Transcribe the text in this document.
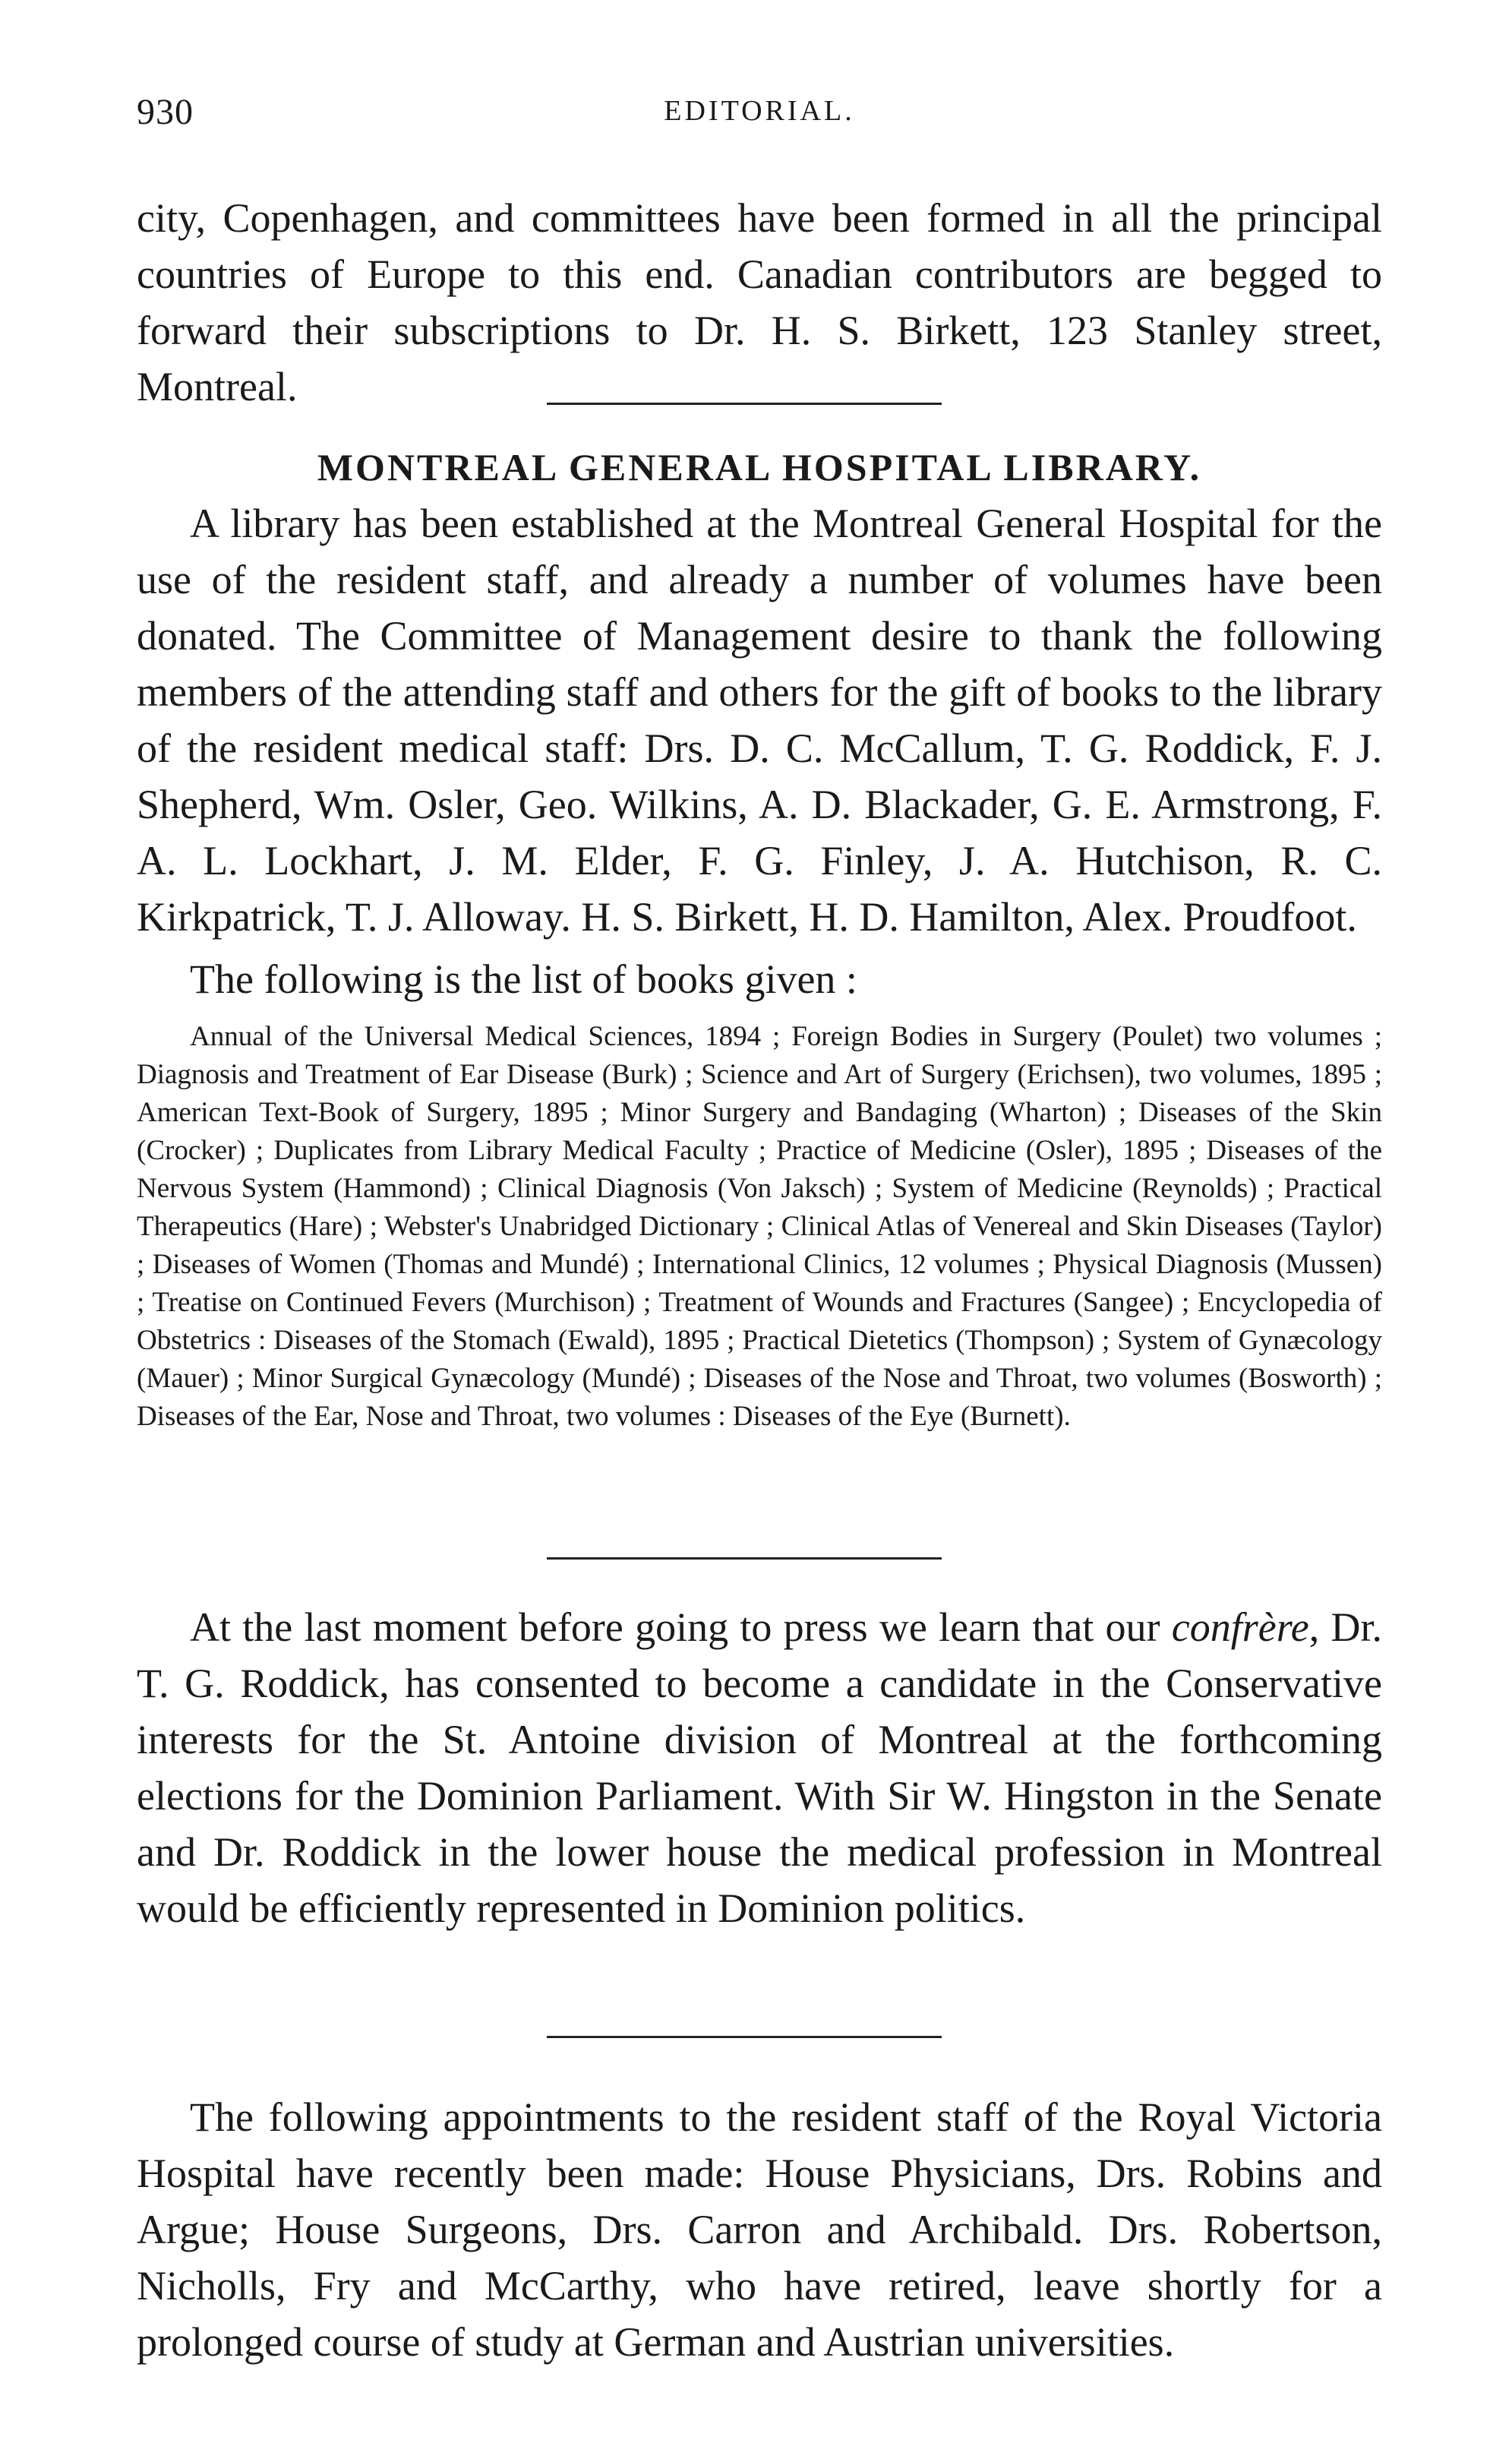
930	EDITORIAL.

city, Copenhagen, and committees have been formed in all the principal countries of Europe to this end. Canadian contributors are begged to forward their subscriptions to Dr. H. S. Birkett, 123 Stanley street, Montreal.

MONTREAL GENERAL HOSPITAL LIBRARY.

A library has been established at the Montreal General Hospital for the use of the resident staff, and already a number of volumes have been donated. The Committee of Management desire to thank the following members of the attending staff and others for the gift of books to the library of the resident medical staff: Drs. D. C. McCallum, T. G. Roddick, F. J. Shepherd, Wm. Osler, Geo. Wilkins, A. D. Blackader, G. E. Armstrong, F. A. L. Lockhart, J. M. Elder, F. G. Finley, J. A. Hutchison, R. C. Kirkpatrick, T. J. Alloway. H. S. Birkett, H. D. Hamilton, Alex. Proudfoot.

The following is the list of books given :

Annual of the Universal Medical Sciences, 1894 ; Foreign Bodies in Surgery (Poulet) two volumes ; Diagnosis and Treatment of Ear Disease (Burk) ; Science and Art of Surgery (Erichsen), two volumes, 1895 ; American Text-Book of Surgery, 1895 ; Minor Surgery and Bandaging (Wharton) ; Diseases of the Skin (Crocker) ; Duplicates from Library Medical Faculty ; Practice of Medicine (Osler), 1895 ; Diseases of the Nervous System (Hammond) ; Clinical Diagnosis (Von Jaksch) ; System of Medicine (Reynolds) ; Practical Therapeutics (Hare) ; Webster's Unabridged Dictionary ; Clinical Atlas of Venereal and Skin Diseases (Taylor) ; Diseases of Women (Thomas and Mundé) ; International Clinics, 12 volumes ; Physical Diagnosis (Mussen) ; Treatise on Continued Fevers (Murchison) ; Treatment of Wounds and Fractures (Sangee) ; Encyclopedia of Obstetrics : Diseases of the Stomach (Ewald), 1895 ; Practical Dietetics (Thompson) ; System of Gynæcology (Mauer) ; Minor Surgical Gynæcology (Mundé) ; Diseases of the Nose and Throat, two volumes (Bosworth) ; Diseases of the Ear, Nose and Throat, two volumes : Diseases of the Eye (Burnett).

At the last moment before going to press we learn that our confrère, Dr. T. G. Roddick, has consented to become a candidate in the Conservative interests for the St. Antoine division of Montreal at the forthcoming elections for the Dominion Parliament. With Sir W. Hingston in the Senate and Dr. Roddick in the lower house the medical profession in Montreal would be efficiently represented in Dominion politics.

The following appointments to the resident staff of the Royal Victoria Hospital have recently been made: House Physicians, Drs. Robins and Argue; House Surgeons, Drs. Carron and Archibald. Drs. Robertson, Nicholls, Fry and McCarthy, who have retired, leave shortly for a prolonged course of study at German and Austrian universities.
